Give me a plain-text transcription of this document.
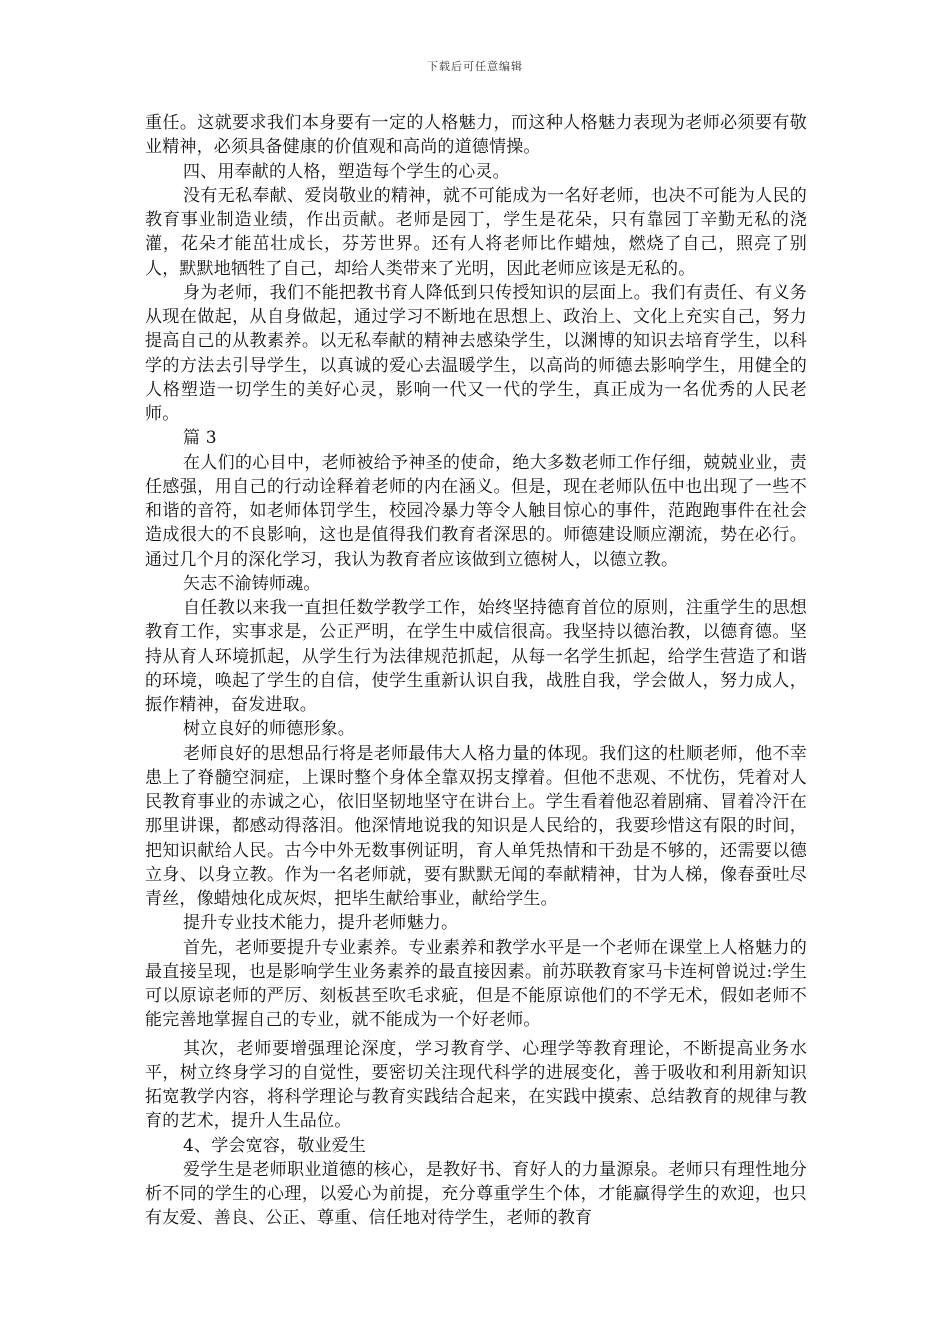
下载后可任意编辑

重任。这就要求我们本身要有一定的人格魅力，而这种人格魅力表现为老师必须要有敬业精神，必须具备健康的价值观和高尚的道德情操。

四、用奉献的人格，塑造每个学生的心灵。

没有无私奉献、爱岗敬业的精神，就不可能成为一名好老师，也决不可能为人民的教育事业制造业绩，作出贡献。老师是园丁，学生是花朵，只有靠园丁辛勤无私的浇灌，花朵才能茁壮成长，芬芳世界。还有人将老师比作蜡烛，燃烧了自己，照亮了别人，默默地牺牲了自己，却给人类带来了光明，因此老师应该是无私的。

身为老师，我们不能把教书育人降低到只传授知识的层面上。我们有责任、有义务从现在做起，从自身做起，通过学习不断地在思想上、政治上、文化上充实自己，努力提高自己的从教素养。以无私奉献的精神去感染学生，以渊博的知识去培育学生，以科学的方法去引导学生，以真诚的爱心去温暖学生，以高尚的师德去影响学生，用健全的人格塑造一切学生的美好心灵，影响一代又一代的学生，真正成为一名优秀的人民老师。

篇 3

在人们的心目中，老师被给予神圣的使命，绝大多数老师工作仔细，兢兢业业，责任感强，用自己的行动诠释着老师的内在涵义。但是，现在老师队伍中也出现了一些不和谐的音符，如老师体罚学生，校园冷暴力等令人触目惊心的事件，范跑跑事件在社会造成很大的不良影响，这也是值得我们教育者深思的。师德建设顺应潮流，势在必行。通过几个月的深化学习，我认为教育者应该做到立德树人，以德立教。

矢志不渝铸师魂。

自任教以来我一直担任数学教学工作，始终坚持德育首位的原则，注重学生的思想教育工作，实事求是，公正严明，在学生中威信很高。我坚持以德治教，以德育德。坚持从育人环境抓起，从学生行为法律规范抓起，从每一名学生抓起，给学生营造了和谐的环境，唤起了学生的自信，使学生重新认识自我，战胜自我，学会做人，努力成人，振作精神，奋发进取。

树立良好的师德形象。

老师良好的思想品行将是老师最伟大人格力量的体现。我们这的杜顺老师，他不幸患上了脊髓空洞症，上课时整个身体全靠双拐支撑着。但他不悲观、不忧伤，凭着对人民教育事业的赤诚之心，依旧坚韧地坚守在讲台上。学生看着他忍着剧痛、冒着冷汗在那里讲课，都感动得落泪。他深情地说我的知识是人民给的，我要珍惜这有限的时间，把知识献给人民。古今中外无数事例证明，育人单凭热情和干劲是不够的，还需要以德立身、以身立教。作为一名老师就，要有默默无闻的奉献精神，甘为人梯，像春蚕吐尽青丝，像蜡烛化成灰烬，把毕生献给事业，献给学生。

提升专业技术能力，提升老师魅力。

首先，老师要提升专业素养。专业素养和教学水平是一个老师在课堂上人格魅力的最直接呈现，也是影响学生业务素养的最直接因素。前苏联教育家马卡连柯曾说过:学生可以原谅老师的严厉、刻板甚至吹毛求疵，但是不能原谅他们的不学无术，假如老师不能完善地掌握自己的专业，就不能成为一个好老师。

其次，老师要增强理论深度，学习教育学、心理学等教育理论，不断提高业务水平，树立终身学习的自觉性，要密切关注现代科学的进展变化，善于吸收和利用新知识拓宽教学内容，将科学理论与教育实践结合起来，在实践中摸索、总结教育的规律与教育的艺术，提升人生品位。

4、学会宽容，敬业爱生

爱学生是老师职业道德的核心，是教好书、育好人的力量源泉。老师只有理性地分析不同的学生的心理，以爱心为前提，充分尊重学生个体，才能赢得学生的欢迎，也只有友爱、善良、公正、尊重、信任地对待学生，老师的教育
